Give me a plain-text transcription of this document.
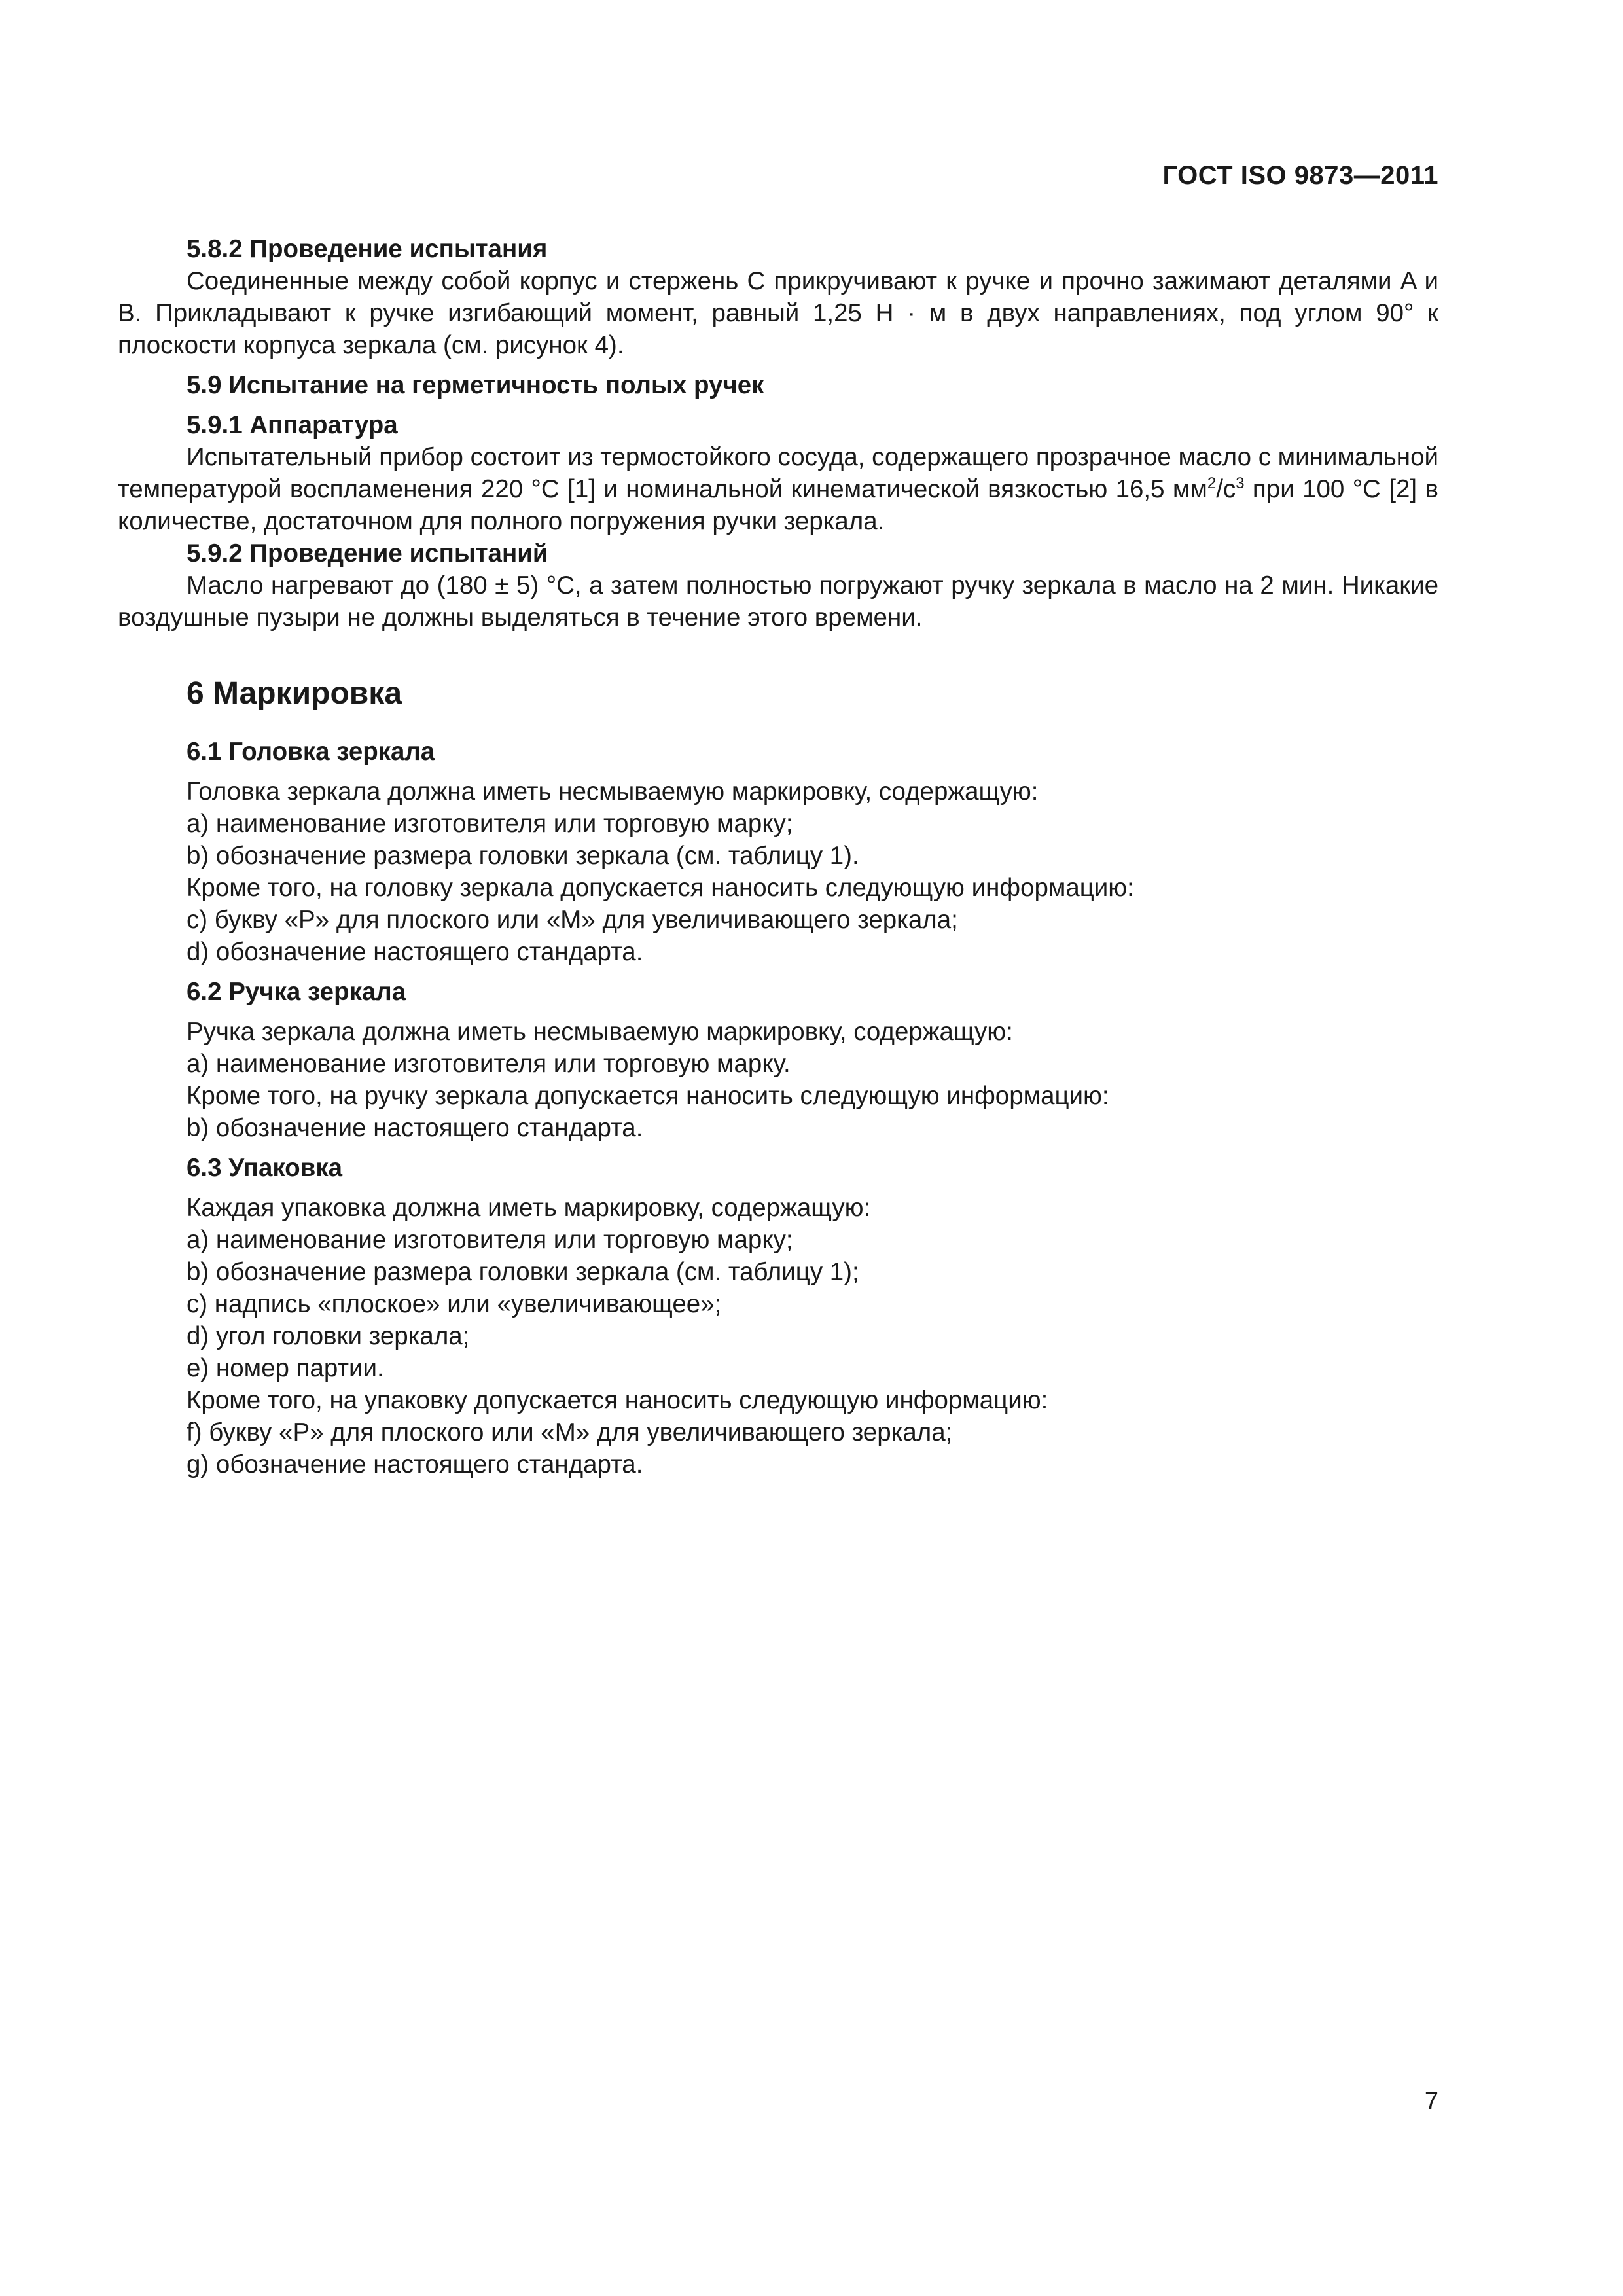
ГОСТ ISO 9873—2011

5.8.2 Проведение испытания

Соединенные между собой корпус и стержень C прикручивают к ручке и прочно зажимают деталями A и B. Прикладывают к ручке изгибающий момент, равный 1,25 Н · м в двух направлениях, под углом 90° к плоскости корпуса зеркала (см. рисунок 4).

5.9 Испытание на герметичность полых ручек

5.9.1 Аппаратура

Испытательный прибор состоит из термостойкого сосуда, содержащего прозрачное масло с минимальной температурой воспламенения 220 °С [1] и номинальной кинематической вязкостью 16,5 $мм^2/с^3$ при 100 °С [2] в количестве, достаточном для полного погружения ручки зеркала.

5.9.2 Проведение испытаний

Масло нагревают до (180 ± 5) °С, а затем полностью погружают ручку зеркала в масло на 2 мин. Никакие воздушные пузыри не должны выделяться в течение этого времени.

6 Маркировка

6.1 Головка зеркала

Головка зеркала должна иметь несмываемую маркировку, содержащую:

a) наименование изготовителя или торговую марку;

b) обозначение размера головки зеркала (см. таблицу 1).

Кроме того, на головку зеркала допускается наносить следующую информацию:

c) букву «P» для плоского или «M» для увеличивающего зеркала;

d) обозначение настоящего стандарта.

6.2 Ручка зеркала

Ручка зеркала должна иметь несмываемую маркировку, содержащую:

a) наименование изготовителя или торговую марку.

Кроме того, на ручку зеркала допускается наносить следующую информацию:

b) обозначение настоящего стандарта.

6.3 Упаковка

Каждая упаковка должна иметь маркировку, содержащую:

a) наименование изготовителя или торговую марку;

b) обозначение размера головки зеркала (см. таблицу 1);

c) надпись «плоское» или «увеличивающее»;

d) угол головки зеркала;

e) номер партии.

Кроме того, на упаковку допускается наносить следующую информацию:

f) букву «P» для плоского или «M» для увеличивающего зеркала;

g) обозначение настоящего стандарта.

7
